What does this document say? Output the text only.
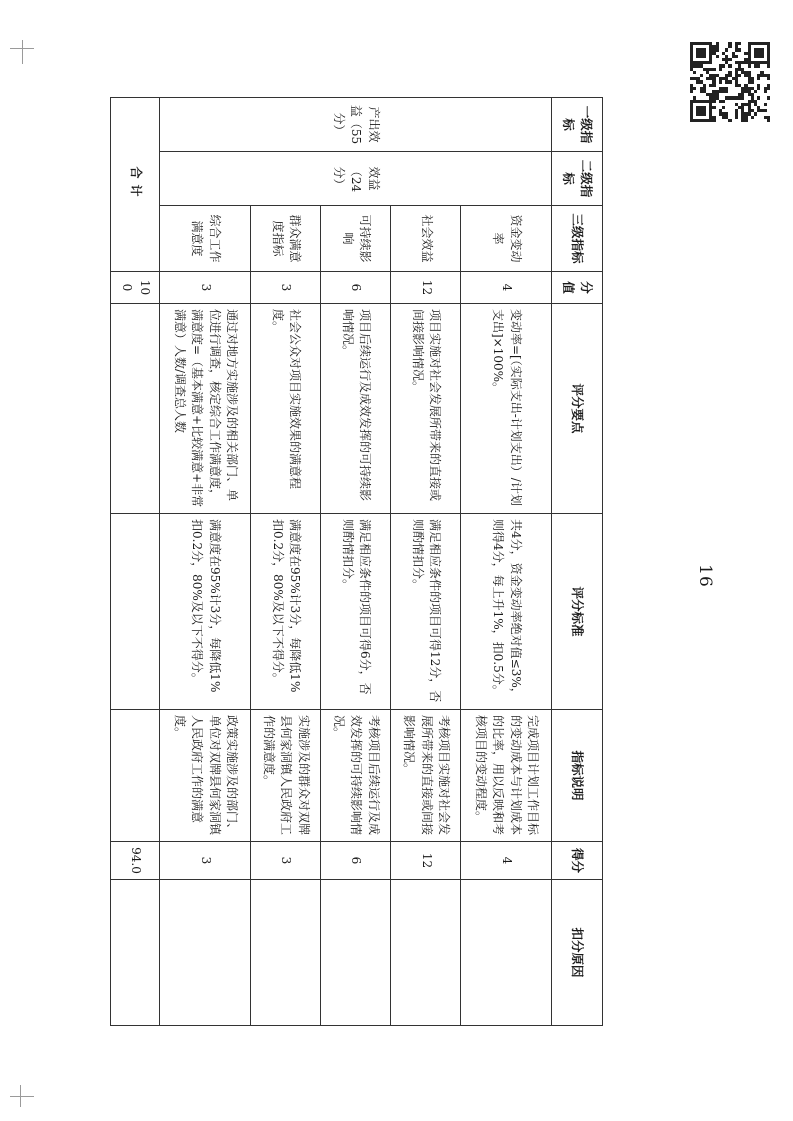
16
一级指标	二级指标	三级指标	分值	评分要点	评分标准	指标说明	得分	扣分原因
产出效益（55分）	效益（24分）	资金变动率	4	变动率=[（实际支出-计划支出）/计划支出]×100%。	共4分，资金变动率绝对值≤3%，则得4分，每上升1%，扣0.5分。	完成项目计划工作目标的变动成本与计划成本的比率，用以反映和考核项目的变动程度。	4	
		社会效益	12	项目实施对社会发展所带来的直接或间接影响情况。	满足相应条件的项目可得12分，否则酌情扣分。	考核项目实施对社会发展所带来的直接或间接影响情况。	12	
		可持续影响	6	项目后续运行及成效发挥的可持续影响情况。	满足相应条件的项目可得6分，否则酌情扣分。	考核项目后续运行及成效发挥的可持续影响情况。	6	
		群众满意度指标	3	社会公众对项目实施效果的满意程度。	满意度在95%计3分，每降低1%扣0.2分，80%及以下不得分。	实施涉及的群众对双牌县何家洞镇人民政府工作的满意度。	3	
		综合工作满意度	3	通过对地方实施涉及的相关部门、单位进行调查，核定综合工作满意度，满意度=（基本满意+比较满意+非常满意）人数/调查总人数	满意度在95%计3分，每降低1%扣0.2分，80%及以下不得分。	政策实施涉及的部门、单位对双牌县何家洞镇人民政府工作的满意度。	3	
合计			100				94.0	
